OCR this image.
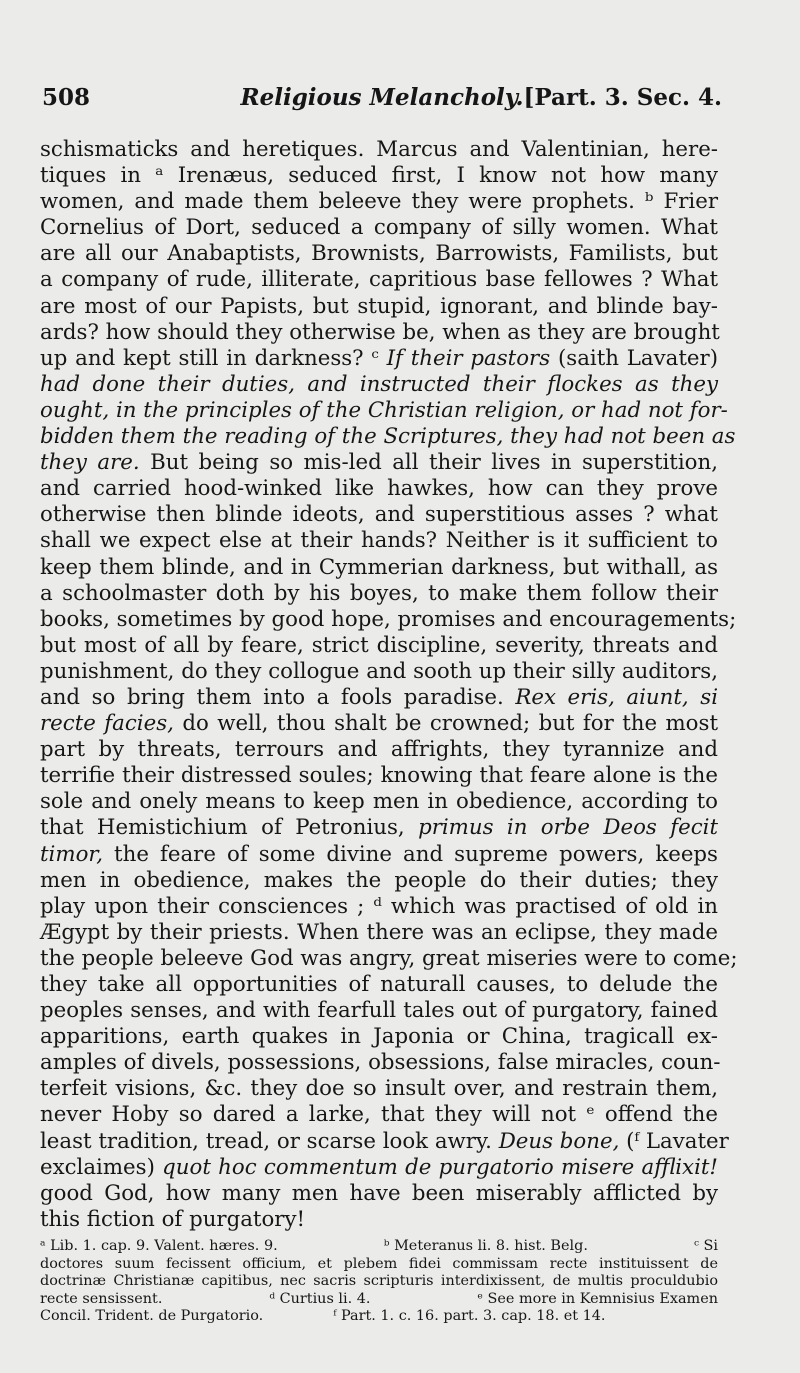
508	Religious Melancholy. [Part. 3. Sec. 4.
schismaticks and heretiques. Marcus and Valentinian, here-
tiques in ᵃ Irenæus, seduced first, I know not how many
women, and made them beleeve they were prophets. ᵇ Frier
Cornelius of Dort, seduced a company of silly women. What
are all our Anabaptists, Brownists, Barrowists, Familists, but
a company of rude, illiterate, capritious base fellowes ? What
are most of our Papists, but stupid, ignorant, and blinde bay-
ards? how should they otherwise be, when as they are brought
up and kept still in darkness? ᶜ If their pastors (saith Lavater)
had done their duties, and instructed their flockes as they
ought, in the principles of the Christian religion, or had not for-
bidden them the reading of the Scriptures, they had not been as
they are. But being so mis-led all their lives in superstition,
and carried hood-winked like hawkes, how can they prove
otherwise then blinde ideots, and superstitious asses ? what
shall we expect else at their hands? Neither is it sufficient to
keep them blinde, and in Cymmerian darkness, but withall, as
a schoolmaster doth by his boyes, to make them follow their
books, sometimes by good hope, promises and encouragements;
but most of all by feare, strict discipline, severity, threats and
punishment, do they collogue and sooth up their silly auditors,
and so bring them into a fools paradise. Rex eris, aiunt, si
recte facies, do well, thou shalt be crowned; but for the most
part by threats, terrours and affrights, they tyrannize and
terrifie their distressed soules; knowing that feare alone is the
sole and onely means to keep men in obedience, according to
that Hemistichium of Petronius, primus in orbe Deos fecit
timor, the feare of some divine and supreme powers, keeps
men in obedience, makes the people do their duties; they
play upon their consciences ; ᵈ which was practised of old in
Ægypt by their priests. When there was an eclipse, they made
the people beleeve God was angry, great miseries were to come;
they take all opportunities of naturall causes, to delude the
peoples senses, and with fearfull tales out of purgatory, fained
apparitions, earth quakes in Japonia or China, tragicall ex-
amples of divels, possessions, obsessions, false miracles, coun-
terfeit visions, &c. they doe so insult over, and restrain them,
never Hoby so dared a larke, that they will not ᵉ offend the
least tradition, tread, or scarse look awry. Deus bone, (ᶠ Lavater
exclaimes) quot hoc commentum de purgatorio misere afflixit!
good God, how many men have been miserably afflicted by
this fiction of purgatory!
ᵃ Lib. 1. cap. 9. Valent. hæres. 9.	ᵇ Meteranus li. 8. hist. Belg.	ᶜ Si
doctores suum fecissent officium, et plebem fidei commissam recte instituissent de
doctrinæ Christianæ capitibus, nec sacris scripturis interdixissent, de multis proculdubio
recte sensissent.	ᵈ Curtius li. 4.	ᵉ See more in Kemnisius Examen
Concil. Trident. de Purgatorio.	ᶠ Part. 1. c. 16. part. 3. cap. 18. et 14.
